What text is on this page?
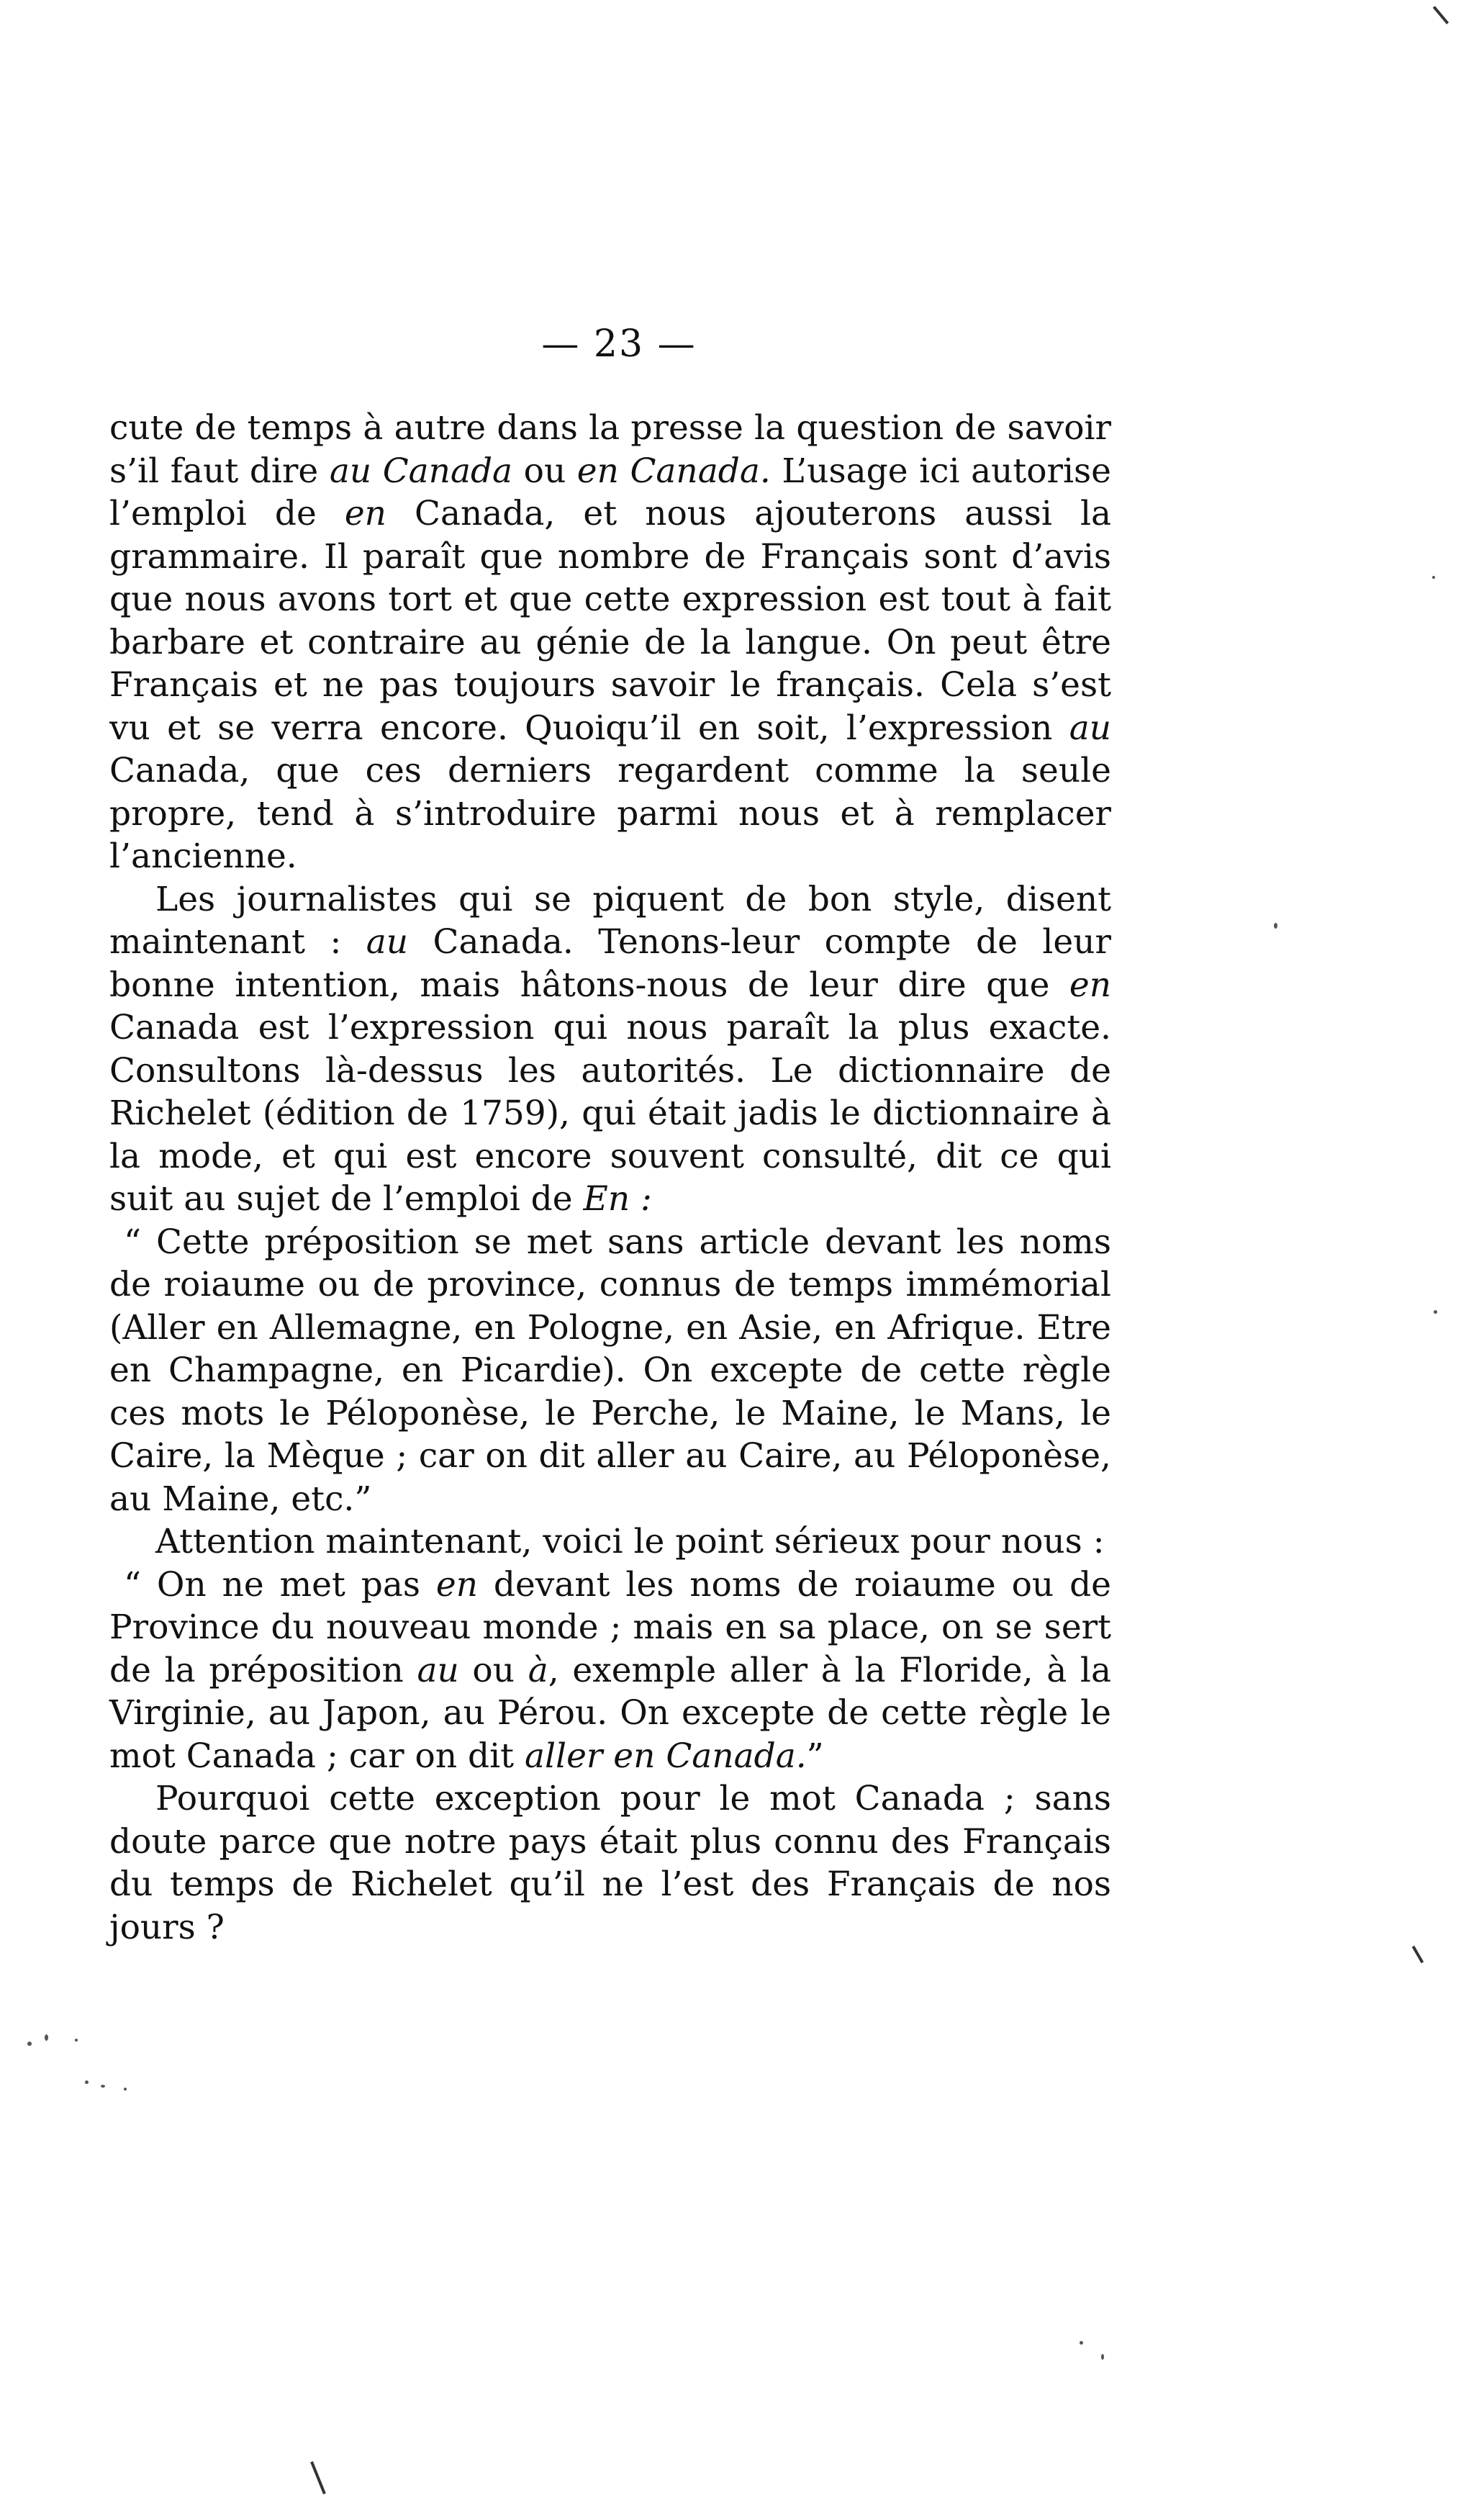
— 23 —

cute de temps à autre dans la presse la question de savoir s’il faut dire au Canada ou en Canada. L’usage ici autorise l’emploi de en Canada, et nous ajouterons aussi la grammaire. Il paraît que nombre de Français sont d’avis que nous avons tort et que cette expression est tout à fait barbare et contraire au génie de la langue. On peut être Français et ne pas toujours savoir le français. Cela s’est vu et se verra encore. Quoiqu’il en soit, l’expression au Canada, que ces derniers regardent comme la seule propre, tend à s’introduire parmi nous et à remplacer l’ancienne.

Les journalistes qui se piquent de bon style, disent maintenant : au Canada. Tenons-leur compte de leur bonne intention, mais hâtons-nous de leur dire que en Canada est l’expression qui nous paraît la plus exacte. Consultons là-dessus les autorités. Le dictionnaire de Richelet (édition de 1759), qui était jadis le dictionnaire à la mode, et qui est encore souvent consulté, dit ce qui suit au sujet de l’emploi de En :

“ Cette préposition se met sans article devant les noms de roiaume ou de province, connus de temps immémorial (Aller en Allemagne, en Pologne, en Asie, en Afrique. Etre en Champagne, en Picardie). On excepte de cette règle ces mots le Péloponèse, le Perche, le Maine, le Mans, le Caire, la Mèque ; car on dit aller au Caire, au Péloponèse, au Maine, etc.”

Attention maintenant, voici le point sérieux pour nous :

“ On ne met pas en devant les noms de roiaume ou de Province du nouveau monde ; mais en sa place, on se sert de la préposition au ou à, exemple aller à la Floride, à la Virginie, au Japon, au Pérou. On excepte de cette règle le mot Canada ; car on dit aller en Canada.”

Pourquoi cette exception pour le mot Canada ; sans doute parce que notre pays était plus connu des Français du temps de Richelet qu’il ne l’est des Français de nos jours ?
